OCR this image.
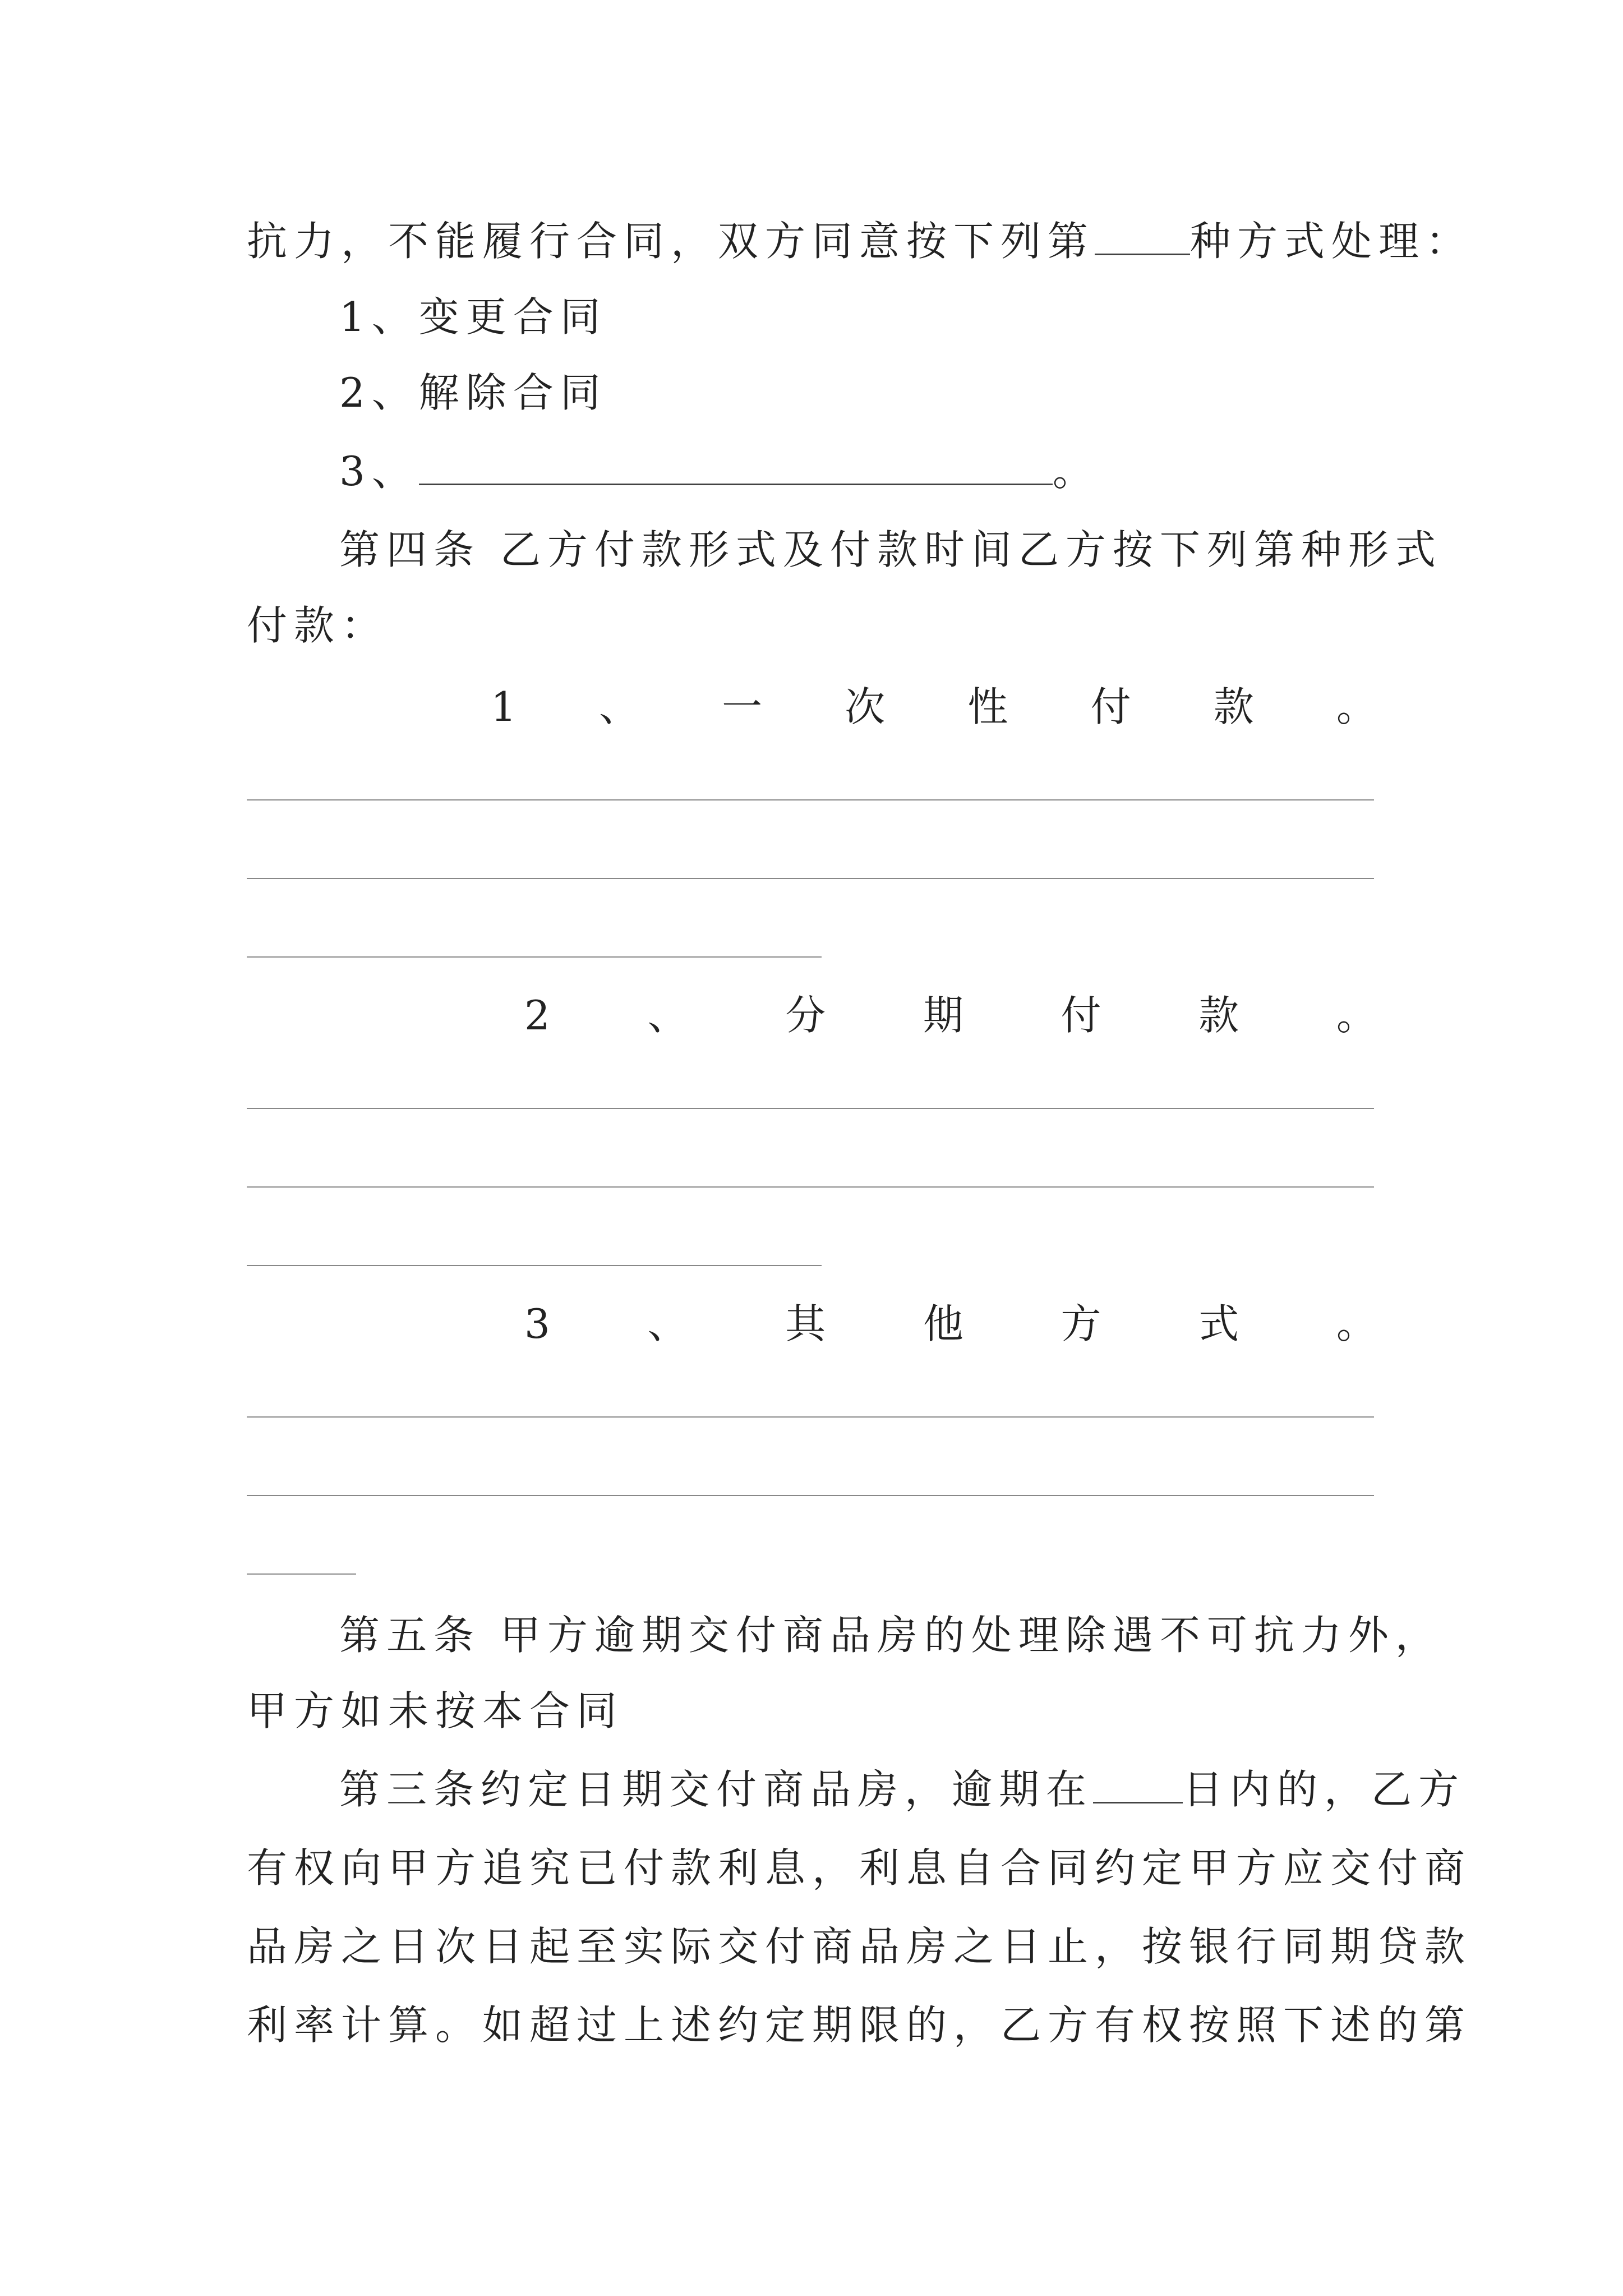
抗力，不能履行合同，双方同意按下列第 种方式处理：
1、变更合同
2、解除合同
3、	。
第四条 乙方付款形式及付款时间乙方按下列第种形式
付款：
1 、 一 次 性 付 款 。
2 、 分 期 付 款 。
3 、 其 他 方 式 。
第五条 甲方逾期交付商品房的处理除遇不可抗力外，
甲方如未按本合同
第三条约定日期交付商品房，逾期在 日内的，乙方
有权向甲方追究已付款利息，利息自合同约定甲方应交付商
品房之日次日起至实际交付商品房之日止，按银行同期贷款
利率计算。如超过上述约定期限的，乙方有权按照下述的第
